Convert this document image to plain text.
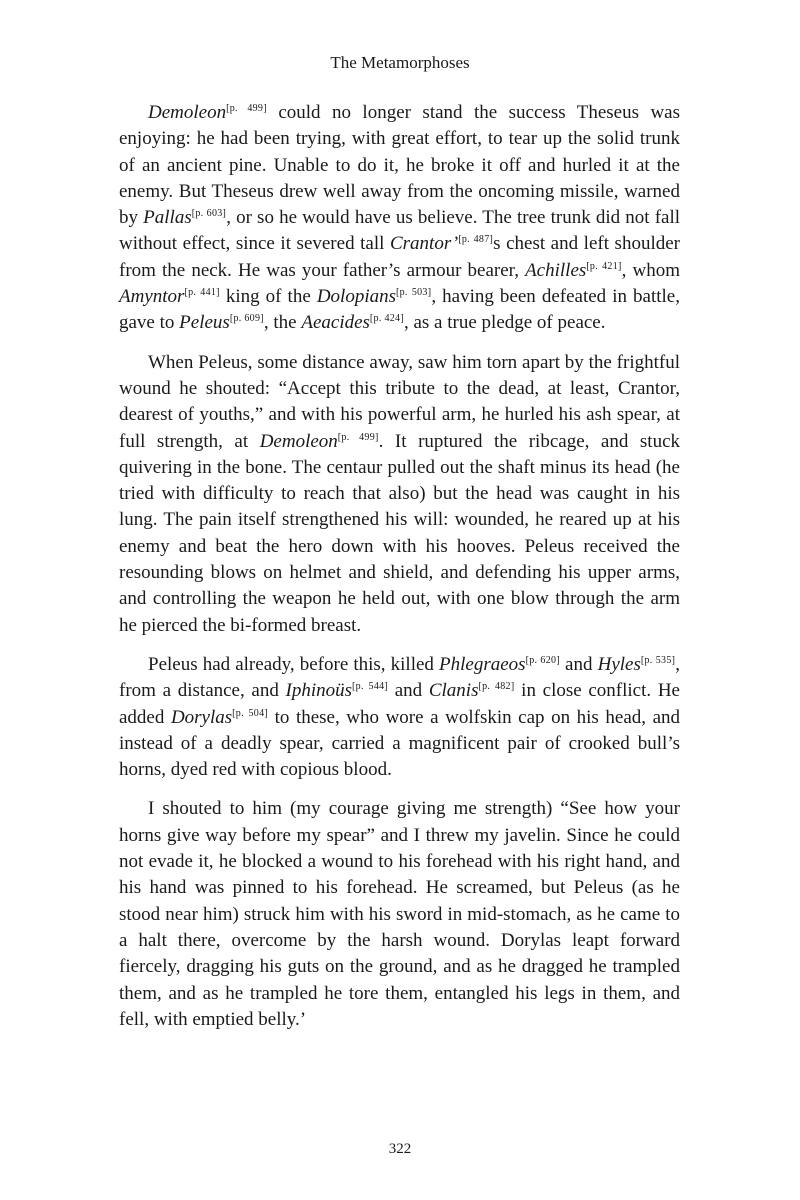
The Metamorphoses

Demoleon[p. 499] could no longer stand the success Theseus was enjoying: he had been trying, with great effort, to tear up the solid trunk of an ancient pine. Unable to do it, he broke it off and hurled it at the enemy. But Theseus drew well away from the oncoming missile, warned by Pallas[p. 603], or so he would have us believe. The tree trunk did not fall without effect, since it severed tall Crantor’[p. 487]s chest and left shoulder from the neck. He was your father’s armour bearer, Achilles[p. 421], whom Amyntor[p. 441] king of the Dolopians[p. 503], having been defeated in battle, gave to Peleus[p. 609], the Aeacides[p. 424], as a true pledge of peace.

When Peleus, some distance away, saw him torn apart by the frightful wound he shouted: “Accept this tribute to the dead, at least, Crantor, dearest of youths,” and with his powerful arm, he hurled his ash spear, at full strength, at Demoleon[p. 499]. It ruptured the ribcage, and stuck quivering in the bone. The centaur pulled out the shaft minus its head (he tried with difficulty to reach that also) but the head was caught in his lung. The pain itself strengthened his will: wounded, he reared up at his enemy and beat the hero down with his hooves. Peleus received the resounding blows on helmet and shield, and defending his upper arms, and controlling the weapon he held out, with one blow through the arm he pierced the bi-formed breast.

Peleus had already, before this, killed Phlegraeos[p. 620] and Hyles[p. 535], from a distance, and Iphinoüs[p. 544] and Clanis[p. 482] in close conflict. He added Dorylas[p. 504] to these, who wore a wolfskin cap on his head, and instead of a deadly spear, carried a magnificent pair of crooked bull’s horns, dyed red with copious blood.

I shouted to him (my courage giving me strength) “See how your horns give way before my spear” and I threw my javelin. Since he could not evade it, he blocked a wound to his forehead with his right hand, and his hand was pinned to his forehead. He screamed, but Peleus (as he stood near him) struck him with his sword in mid-stomach, as he came to a halt there, overcome by the harsh wound. Dorylas leapt forward fiercely, dragging his guts on the ground, and as he dragged he trampled them, and as he trampled he tore them, entangled his legs in them, and fell, with emptied belly.’

322
